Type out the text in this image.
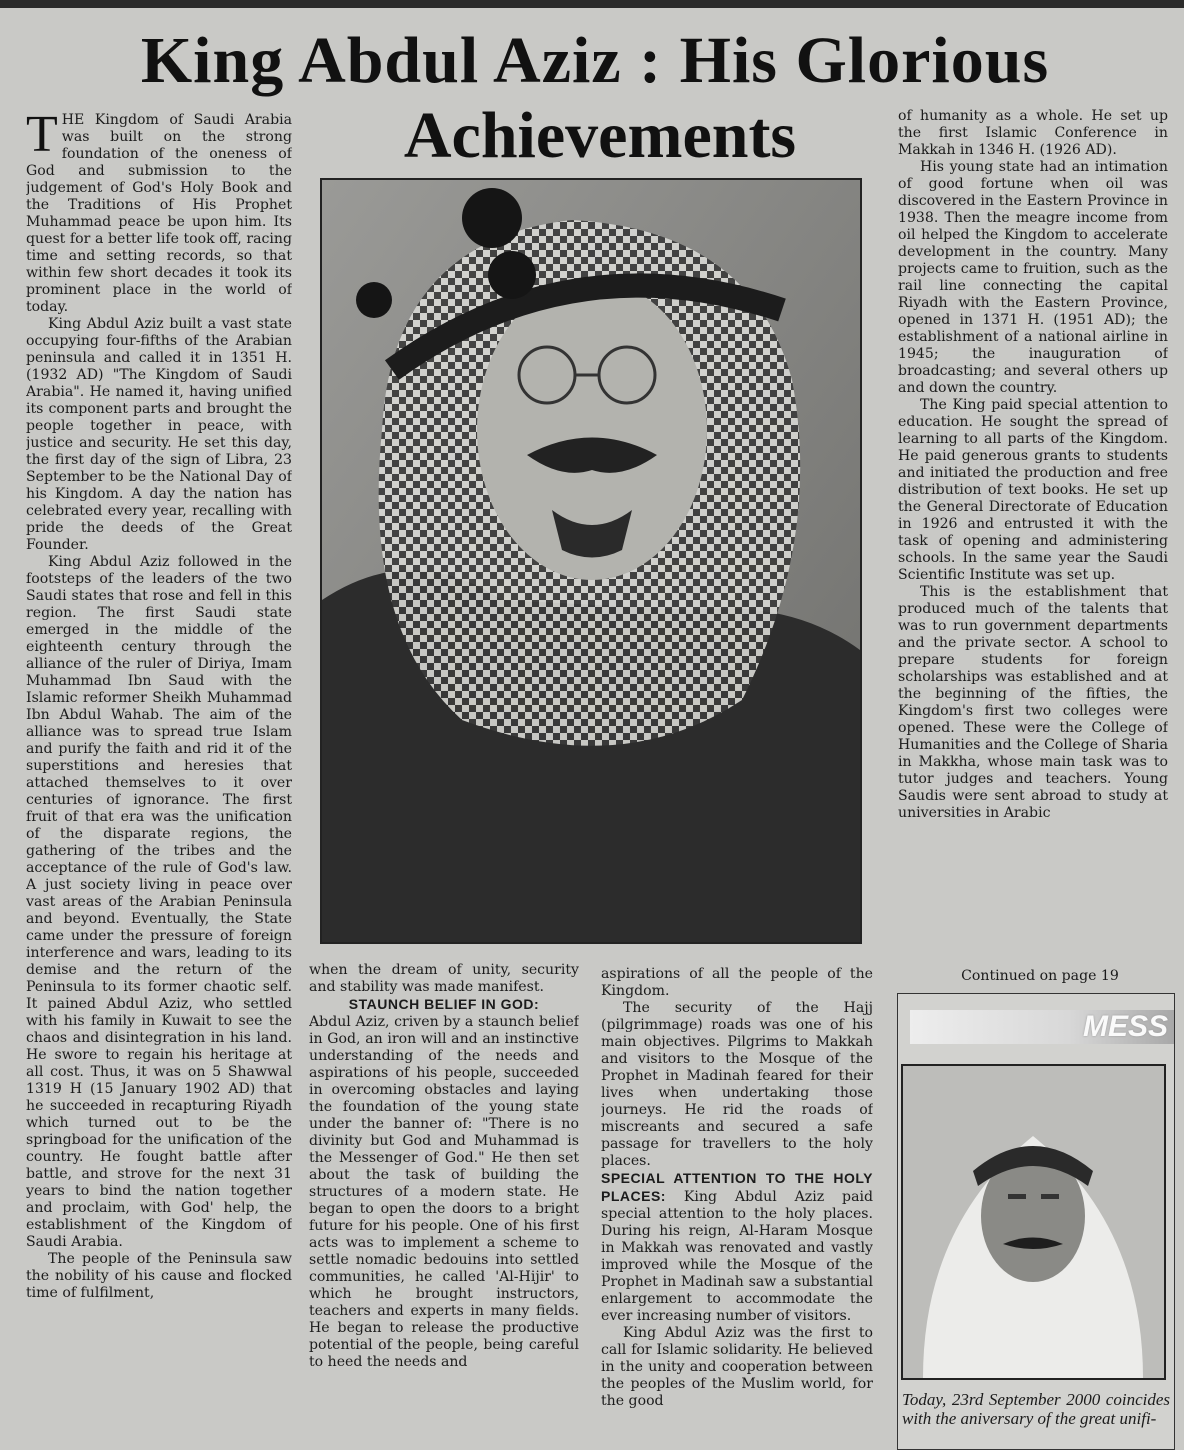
King Abdul Aziz : His Glorious
Achievements

THE Kingdom of Saudi Arabia was built on the strong foundation of the oneness of God and submission to the judgement of God's Holy Book and the Traditions of His Prophet Muhammad peace be upon him. Its quest for a better life took off, racing time and setting records, so that within few short decades it took its prominent place in the world of today.

King Abdul Aziz built a vast state occupying four-fifths of the Arabian peninsula and called it in 1351 H. (1932 AD) "The Kingdom of Saudi Arabia". He named it, having unified its component parts and brought the people together in peace, with justice and security. He set this day, the first day of the sign of Libra, 23 September to be the National Day of his Kingdom. A day the nation has celebrated every year, recalling with pride the deeds of the Great Founder.

King Abdul Aziz followed in the footsteps of the leaders of the two Saudi states that rose and fell in this region. The first Saudi state emerged in the middle of the eighteenth century through the alliance of the ruler of Diriya, Imam Muhammad Ibn Saud with the Islamic reformer Sheikh Muhammad Ibn Abdul Wahab. The aim of the alliance was to spread true Islam and purify the faith and rid it of the superstitions and heresies that attached themselves to it over centuries of ignorance. The first fruit of that era was the unification of the disparate regions, the gathering of the tribes and the acceptance of the rule of God's law. A just society living in peace over vast areas of the Arabian Peninsula and beyond. Eventually, the State came under the pressure of foreign interference and wars, leading to its demise and the return of the Peninsula to its former chaotic self. It pained Abdul Aziz, who settled with his family in Kuwait to see the chaos and disintegration in his land. He swore to regain his heritage at all cost. Thus, it was on 5 Shawwal 1319 H (15 January 1902 AD) that he succeeded in recapturing Riyadh which turned out to be the springboad for the unification of the country. He fought battle after battle, and strove for the next 31 years to bind the nation together and proclaim, with God' help, the establishment of the Kingdom of Saudi Arabia.

The people of the Peninsula saw the nobility of his cause and flocked time of fulfilment,

when the dream of unity, security and stability was made manifest.

STAUNCH BELIEF IN GOD:

Abdul Aziz, criven by a staunch belief in God, an iron will and an instinctive understanding of the needs and aspirations of his people, succeeded in overcoming obstacles and laying the foundation of the young state under the banner of: "There is no divinity but God and Muhammad is the Messenger of God." He then set about the task of building the structures of a modern state. He began to open the doors to a bright future for his people. One of his first acts was to implement a scheme to settle nomadic bedouins into settled communities, he called 'Al-Hijir' to which he brought instructors, teachers and experts in many fields. He began to release the productive potential of the people, being careful to heed the needs and

aspirations of all the people of the Kingdom.

The security of the Hajj (pilgrimmage) roads was one of his main objectives. Pilgrims to Makkah and visitors to the Mosque of the Prophet in Madinah feared for their lives when undertaking those journeys. He rid the roads of miscreants and secured a safe passage for travellers to the holy places.

SPECIAL ATTENTION TO THE HOLY PLACES: King Abdul Aziz paid special attention to the holy places. During his reign, Al-Haram Mosque in Makkah was renovated and vastly improved while the Mosque of the Prophet in Madinah saw a substantial enlargement to accommodate the ever increasing number of visitors.

King Abdul Aziz was the first to call for Islamic solidarity. He believed in the unity and cooperation between the peoples of the Muslim world, for the good

of humanity as a whole. He set up the first Islamic Conference in Makkah in 1346 H. (1926 AD).

His young state had an intimation of good fortune when oil was discovered in the Eastern Province in 1938. Then the meagre income from oil helped the Kingdom to accelerate development in the country. Many projects came to fruition, such as the rail line connecting the capital Riyadh with the Eastern Province, opened in 1371 H. (1951 AD); the establishment of a national airline in 1945; the inauguration of broadcasting; and several others up and down the country.

The King paid special attention to education. He sought the spread of learning to all parts of the Kingdom. He paid generous grants to students and initiated the production and free distribution of text books. He set up the General Directorate of Education in 1926 and entrusted it with the task of opening and administering schools. In the same year the Saudi Scientific Institute was set up.

This is the establishment that produced much of the talents that was to run government departments and the private sector. A school to prepare students for foreign scholarships was established and at the beginning of the fifties, the Kingdom's first two colleges were opened. These were the College of Humanities and the College of Sharia in Makkha, whose main task was to tutor judges and teachers. Young Saudis were sent abroad to study at universities in Arabic

Continued on page 19
MESS

Today, 23rd September 2000 coincides with the aniversary of the great unifi-
